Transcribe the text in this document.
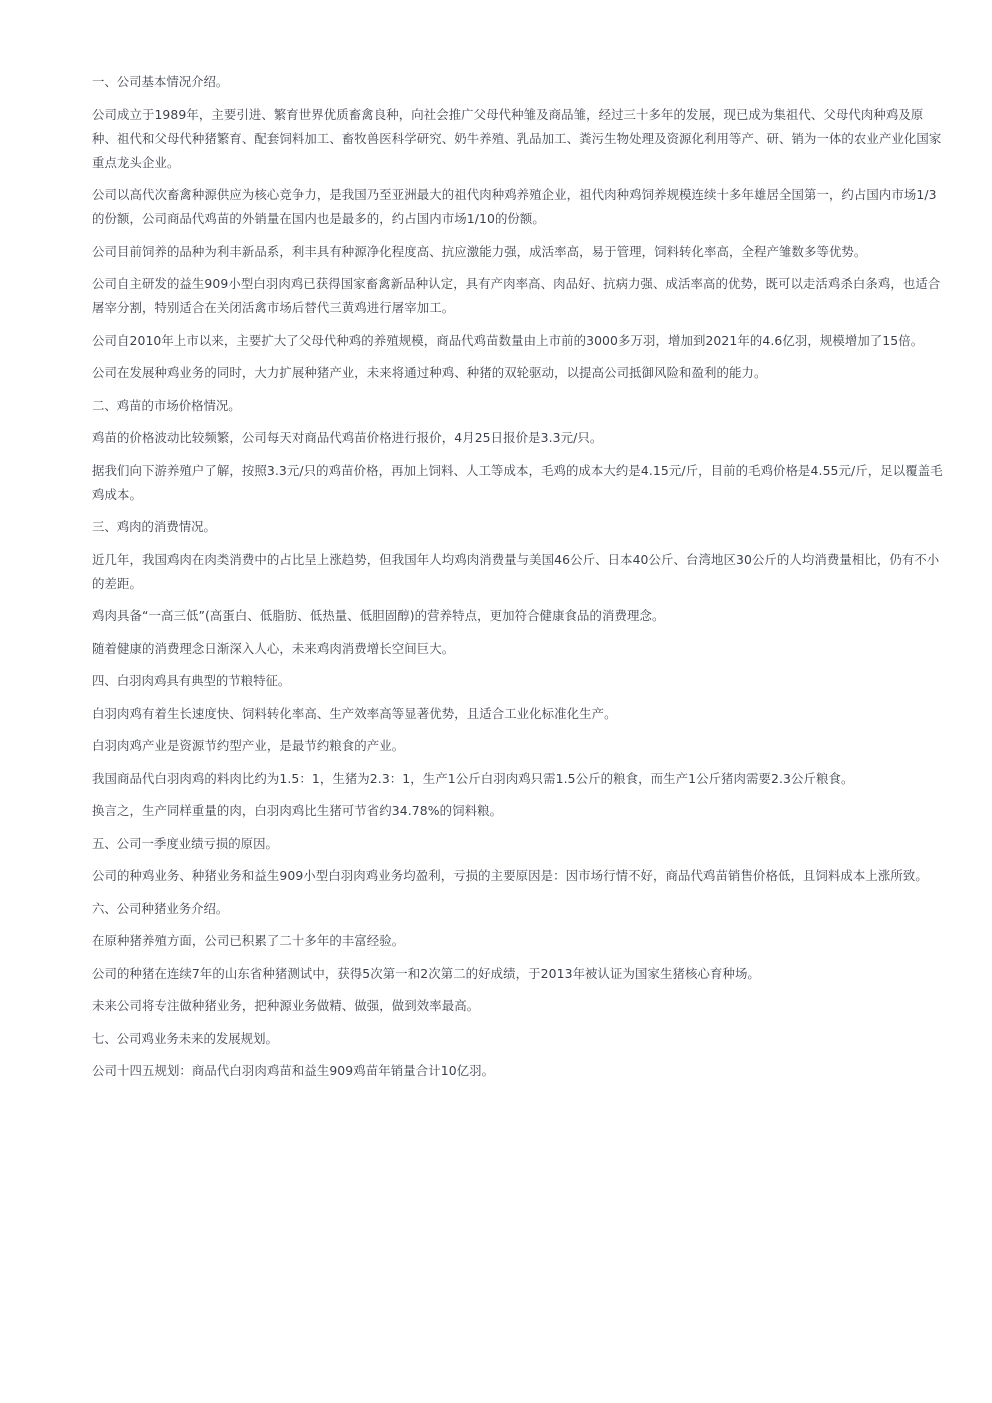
一、公司基本情况介绍。

公司成立于1989年，主要引进、繁育世界优质畜禽良种，向社会推广父母代种雏及商品雏，经过三十多年的发展，现已成为集祖代、父母代肉种鸡及原种、祖代和父母代种猪繁育、配套饲料加工、畜牧兽医科学研究、奶牛养殖、乳品加工、粪污生物处理及资源化利用等产、研、销为一体的农业产业化国家重点龙头企业。

公司以高代次畜禽种源供应为核心竞争力，是我国乃至亚洲最大的祖代肉种鸡养殖企业，祖代肉种鸡饲养规模连续十多年雄居全国第一，约占国内市场1/3的份额，公司商品代鸡苗的外销量在国内也是最多的，约占国内市场1/10的份额。

公司目前饲养的品种为利丰新品系，利丰具有种源净化程度高、抗应激能力强，成活率高，易于管理，饲料转化率高，全程产雏数多等优势。

公司自主研发的益生909小型白羽肉鸡已获得国家畜禽新品种认定，具有产肉率高、肉品好、抗病力强、成活率高的优势，既可以走活鸡杀白条鸡，也适合屠宰分割，特别适合在关闭活禽市场后替代三黄鸡进行屠宰加工。

公司自2010年上市以来，主要扩大了父母代种鸡的养殖规模，商品代鸡苗数量由上市前的3000多万羽，增加到2021年的4.6亿羽，规模增加了15倍。

公司在发展种鸡业务的同时，大力扩展种猪产业，未来将通过种鸡、种猪的双轮驱动，以提高公司抵御风险和盈利的能力。

二、鸡苗的市场价格情况。

鸡苗的价格波动比较频繁，公司每天对商品代鸡苗价格进行报价，4月25日报价是3.3元/只。

据我们向下游养殖户了解，按照3.3元/只的鸡苗价格，再加上饲料、人工等成本，毛鸡的成本大约是4.15元/斤，目前的毛鸡价格是4.55元/斤，足以覆盖毛鸡成本。

三、鸡肉的消费情况。

近几年，我国鸡肉在肉类消费中的占比呈上涨趋势，但我国年人均鸡肉消费量与美国46公斤、日本40公斤、台湾地区30公斤的人均消费量相比，仍有不小的差距。

鸡肉具备“一高三低”(高蛋白、低脂肪、低热量、低胆固醇)的营养特点，更加符合健康食品的消费理念。

随着健康的消费理念日渐深入人心，未来鸡肉消费增长空间巨大。

四、白羽肉鸡具有典型的节粮特征。

白羽肉鸡有着生长速度快、饲料转化率高、生产效率高等显著优势，且适合工业化标准化生产。

白羽肉鸡产业是资源节约型产业，是最节约粮食的产业。

我国商品代白羽肉鸡的料肉比约为1.5：1，生猪为2.3：1，生产1公斤白羽肉鸡只需1.5公斤的粮食，而生产1公斤猪肉需要2.3公斤粮食。

换言之，生产同样重量的肉，白羽肉鸡比生猪可节省约34.78%的饲料粮。

五、公司一季度业绩亏损的原因。

公司的种鸡业务、种猪业务和益生909小型白羽肉鸡业务均盈利，亏损的主要原因是：因市场行情不好，商品代鸡苗销售价格低，且饲料成本上涨所致。

六、公司种猪业务介绍。

在原种猪养殖方面，公司已积累了二十多年的丰富经验。

公司的种猪在连续7年的山东省种猪测试中，获得5次第一和2次第二的好成绩，于2013年被认证为国家生猪核心育种场。

未来公司将专注做种猪业务，把种源业务做精、做强，做到效率最高。

七、公司鸡业务未来的发展规划。

公司十四五规划：商品代白羽肉鸡苗和益生909鸡苗年销量合计10亿羽。
